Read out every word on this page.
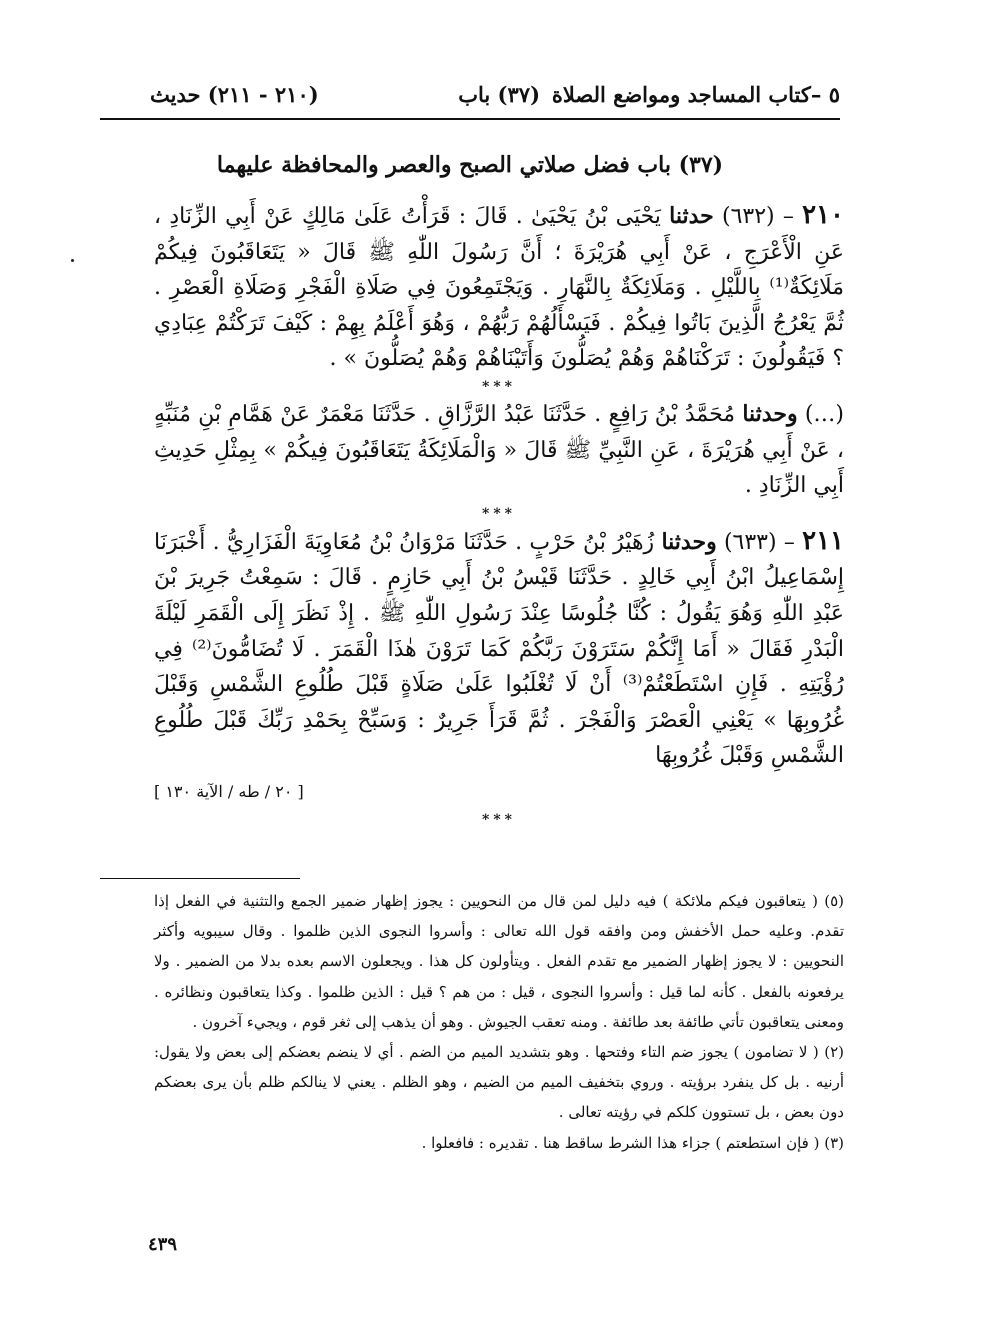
٥ –كتاب المساجد ومواضع الصلاة
(٣٧) باب
(٢١٠ - ٢١١) حديث
(٣٧) باب فضل صلاتي الصبح والعصر والمحافظة عليهما

٢١٠ – (٦٣٢) حدثنا يَحْيَى بْنُ يَحْيَىٰ . قَالَ : قَرَأْتُ عَلَىٰ مَالِكٍ عَنْ أَبِي الزِّنَادِ ، عَنِ الْأَعْرَجِ ، عَنْ أَبِي هُرَيْرَةَ ؛ أَنَّ رَسُولَ اللّٰهِ ﷺ قَالَ « يَتَعَاقَبُونَ فِيكُمْ مَلَائِكَةٌ⁽¹⁾ بِاللَّيْلِ . وَمَلَائِكَةٌ بِالنَّهَارِ . وَيَجْتَمِعُونَ فِي صَلَاةِ الْفَجْرِ وَصَلَاةِ الْعَصْرِ . ثُمَّ يَعْرُجُ الَّذِينَ بَاتُوا فِيكُمْ . فَيَسْأَلُهُمْ رَبُّهُمْ ، وَهُوَ أَعْلَمُ بِهِمْ : كَيْفَ تَرَكْتُمْ عِبَادِي ؟ فَيَقُولُونَ : تَرَكْنَاهُمْ وَهُمْ يُصَلُّونَ وَأَتَيْنَاهُمْ وَهُمْ يُصَلُّونَ » .

***

(…) وحدثنا مُحَمَّدُ بْنُ رَافِعٍ . حَدَّثَنَا عَبْدُ الرَّزَّاقِ . حَدَّثَنَا مَعْمَرٌ عَنْ هَمَّامِ بْنِ مُنَبِّهٍ ، عَنْ أَبِي هُرَيْرَةَ ، عَنِ النَّبِيِّ ﷺ قَالَ « وَالْمَلَائِكَةُ يَتَعَاقَبُونَ فِيكُمْ » بِمِثْلِ حَدِيثِ أَبِي الزِّنَادِ .

***

٢١١ – (٦٣٣) وحدثنا زُهَيْرُ بْنُ حَرْبٍ . حَدَّثَنَا مَرْوَانُ بْنُ مُعَاوِيَةَ الْفَزَارِيُّ . أَخْبَرَنَا إِسْمَاعِيلُ ابْنُ أَبِي خَالِدٍ . حَدَّثَنَا قَيْسُ بْنُ أَبِي حَازِمٍ . قَالَ : سَمِعْتُ جَرِيرَ بْنَ عَبْدِ اللّٰهِ وَهُوَ يَقُولُ : كُنَّا جُلُوسًا عِنْدَ رَسُولِ اللّٰهِ ﷺ . إِذْ نَظَرَ إِلَى الْقَمَرِ لَيْلَةَ الْبَدْرِ فَقَالَ « أَمَا إِنَّكُمْ سَتَرَوْنَ رَبَّكُمْ كَمَا تَرَوْنَ هٰذَا الْقَمَرَ . لَا تُضَامُّونَ⁽²⁾ فِي رُؤْيَتِهِ . فَإِنِ اسْتَطَعْتُمْ⁽³⁾ أَنْ لَا تُغْلَبُوا عَلَىٰ صَلَاةٍ قَبْلَ طُلُوعِ الشَّمْسِ وَقَبْلَ غُرُوبِهَا » يَعْنِي الْعَصْرَ وَالْفَجْرَ . ثُمَّ قَرَأَ جَرِيرٌ : وَسَبِّحْ بِحَمْدِ رَبِّكَ قَبْلَ طُلُوعِ الشَّمْسِ وَقَبْلَ غُرُوبِهَا

[ ٢٠ / طه / الآية ١٣٠ ]

***

(٥) ( يتعاقبون فيكم ملائكة ) فيه دليل لمن قال من النحويين : يجوز إظهار ضمير الجمع والتثنية في الفعل إذا تقدم. وعليه حمل الأخفش ومن وافقه قول الله تعالى : وأسروا النجوى الذين ظلموا . وقال سيبويه وأكثر النحويين : لا يجوز إظهار الضمير مع تقدم الفعل . ويتأولون كل هذا . ويجعلون الاسم بعده بدلا من الضمير . ولا يرفعونه بالفعل . كأنه لما قيل : وأسروا النجوى ، قيل : من هم ؟ قيل : الذين ظلموا . وكذا يتعاقبون ونظائره . ومعنى يتعاقبون تأتي طائفة بعد طائفة . ومنه تعقب الجيوش . وهو أن يذهب إلى ثغر قوم ، ويجيء آخرون .

(٢) ( لا تضامون ) يجوز ضم التاء وفتحها . وهو بتشديد الميم من الضم . أي لا ينضم بعضكم إلى بعض ولا يقول: أرنيه . بل كل ينفرد برؤيته . وروي بتخفيف الميم من الضيم ، وهو الظلم . يعني لا ينالكم ظلم بأن يرى بعضكم دون بعض ، بل تستوون كلكم في رؤيته تعالى .

(٣) ( فإن استطعتم ) جزاء هذا الشرط ساقط هنا . تقديره : فافعلوا .

٤٣٩
